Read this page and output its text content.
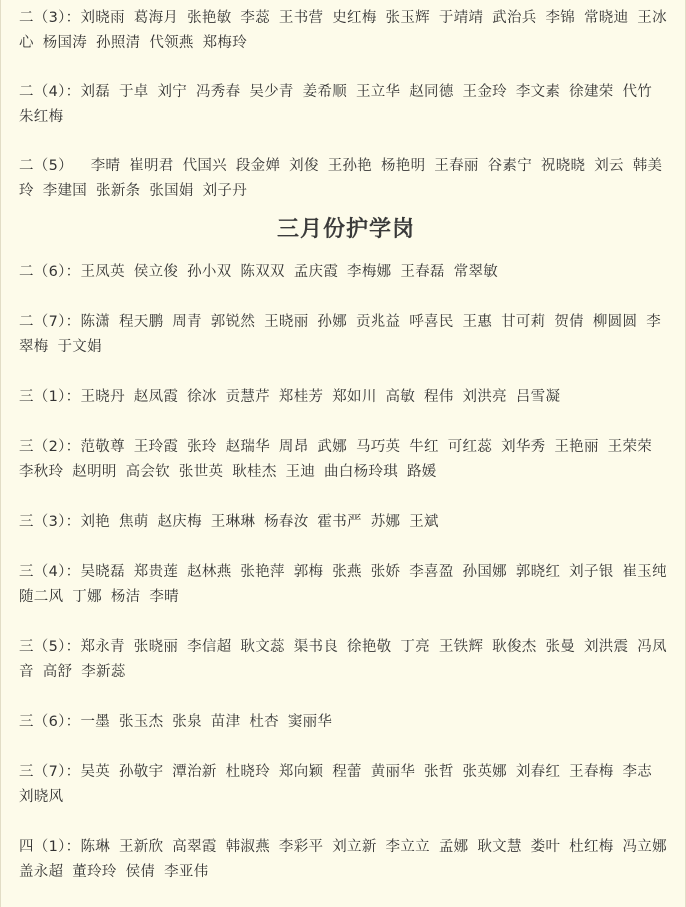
二（3）：刘晓雨 葛海月 张艳敏 李蕊 王书营 史红梅 张玉辉 于靖靖 武治兵 李锦 常晓迪 王冰心 杨国涛 孙照清 代领燕 郑梅玲

二（4）：刘磊 于卓 刘宁 冯秀春 吴少青 姜希顺 王立华 赵同德 王金玲 李文素 徐建荣 代竹 朱红梅

二（5）  李晴 崔明君 代国兴 段金婵 刘俊 王孙艳 杨艳明 王春丽 谷素宁 祝晓晓 刘云 韩美玲 李建国 张新条 张国娟 刘子丹

三月份护学岗

二（6）：王凤英 侯立俊 孙小双 陈双双 孟庆霞 李梅娜 王春磊 常翠敏

二（7）：陈潇 程天鹏 周青 郭锐然 王晓丽 孙娜 贡兆益 呼喜民 王惠 甘可莉 贺倩 柳圆圆 李翠梅 于文娟

三（1）：王晓丹 赵凤霞 徐冰 贡慧芹 郑桂芳 郑如川 高敏 程伟 刘洪亮 吕雪凝

三（2）：范敬尊 王玲霞 张玲 赵瑞华 周昂 武娜 马巧英 牛红 可红蕊 刘华秀 王艳丽 王荣荣 李秋玲 赵明明 高会钦 张世英 耿桂杰 王迪 曲白杨玲琪 路媛

三（3）：刘艳 焦萌 赵庆梅 王琳琳 杨春汝 霍书严 苏娜 王斌

三（4）：吴晓磊 郑贵莲 赵林燕 张艳萍 郭梅 张燕 张娇 李喜盈 孙国娜 郭晓红 刘子银 崔玉纯 随二风 丁娜 杨洁 李晴

三（5）：郑永青 张晓丽 李信超 耿文蕊 渠书良 徐艳敬 丁亮 王铁辉 耿俊杰 张曼 刘洪震 冯凤音 高舒 李新蕊

三（6）：一墨 张玉杰 张泉 苗津 杜杏 窦丽华

三（7）：吴英 孙敬宇 潭治新 杜晓玲 郑向颖 程蕾 黄丽华 张哲 张英娜 刘春红 王春梅 李志 刘晓风

四（1）：陈琳 王新欣 高翠霞 韩淑燕 李彩平 刘立新 李立立 孟娜 耿文慧 娄叶 杜红梅 冯立娜 盖永超 董玲玲 侯倩 李亚伟
